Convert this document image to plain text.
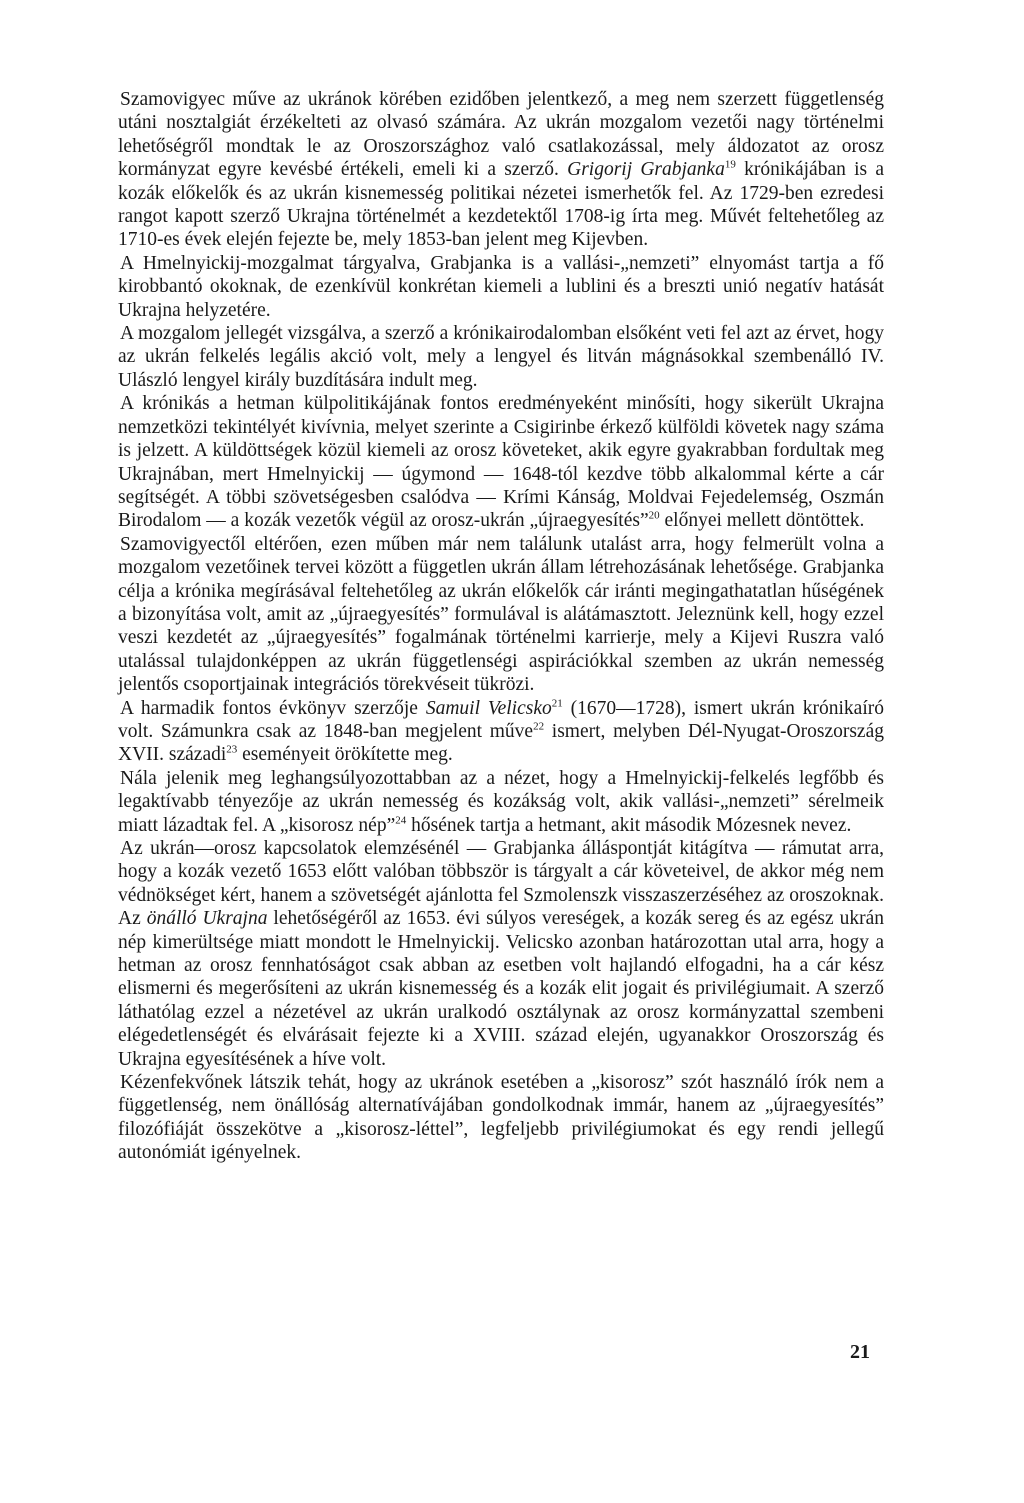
Szamovigyec műve az ukránok körében ezidőben jelentkező, a meg nem szerzett függetlenség utáni nosztalgiát érzékelteti az olvasó számára. Az ukrán mozgalom vezetői nagy történelmi lehetőségről mondtak le az Oroszországhoz való csatlakozással, mely áldozatot az orosz kormányzat egyre kevésbé értékeli, emeli ki a szerző. Grigorij Grabjanka$^{19}$ krónikájában is a kozák előkelők és az ukrán kisnemesség politikai nézetei ismerhetők fel. Az 1729-ben ezredesi rangot kapott szerző Ukrajna történelmét a kezdetektől 1708-ig írta meg. Művét feltehetőleg az 1710-es évek elején fejezte be, mely 1853-ban jelent meg Kijevben.

A Hmelnyickij-mozgalmat tárgyalva, Grabjanka is a vallási-„nemzeti” elnyomást tartja a fő kirobbantó okoknak, de ezenkívül konkrétan kiemeli a lublini és a breszti unió negatív hatását Ukrajna helyzetére.

A mozgalom jellegét vizsgálva, a szerző a krónikairodalomban elsőként veti fel azt az érvet, hogy az ukrán felkelés legális akció volt, mely a lengyel és litván mágnásokkal szembenálló IV. Ulászló lengyel király buzdítására indult meg.

A krónikás a hetman külpolitikájának fontos eredményeként minősíti, hogy sikerült Ukrajna nemzetközi tekintélyét kivívnia, melyet szerinte a Csigirinbe érkező külföldi követek nagy száma is jelzett. A küldöttségek közül kiemeli az orosz követeket, akik egyre gyakrabban fordultak meg Ukrajnában, mert Hmelnyickij — úgymond — 1648-tól kezdve több alkalommal kérte a cár segítségét. A többi szövetségesben csalódva — Krími Kánság, Moldvai Fejedelemség, Oszmán Birodalom — a kozák vezetők végül az orosz-ukrán „újraegyesítés”$^{20}$ előnyei mellett döntöttek.

Szamovigyectől eltérően, ezen műben már nem találunk utalást arra, hogy felmerült volna a mozgalom vezetőinek tervei között a független ukrán állam létrehozásának lehetősége. Grabjanka célja a krónika megírásával feltehetőleg az ukrán előkelők cár iránti megingathatatlan hűségének a bizonyítása volt, amit az „újraegyesítés” formulával is alátámasztott. Jeleznünk kell, hogy ezzel veszi kezdetét az „újraegyesítés” fogalmának történelmi karrierje, mely a Kijevi Ruszra való utalással tulajdonképpen az ukrán függetlenségi aspirációkkal szemben az ukrán nemesség jelentős csoportjainak integrációs törekvéseit tükrözi.

A harmadik fontos évkönyv szerzője Samuil Velicsko$^{21}$ (1670—1728), ismert ukrán krónikaíró volt. Számunkra csak az 1848-ban megjelent műve$^{22}$ ismert, melyben Dél-Nyugat-Oroszország XVII. századi$^{23}$ eseményeit örökítette meg.

Nála jelenik meg leghangsúlyozottabban az a nézet, hogy a Hmelnyickij-felkelés legfőbb és legaktívabb tényezője az ukrán nemesség és kozákság volt, akik vallási-„nemzeti” sérelmeik miatt lázadtak fel. A „kisorosz nép”$^{24}$ hősének tartja a hetmant, akit második Mózesnek nevez.

Az ukrán—orosz kapcsolatok elemzésénél — Grabjanka álláspontját kitágítva — rámutat arra, hogy a kozák vezető 1653 előtt valóban többször is tárgyalt a cár követeivel, de akkor még nem védnökséget kért, hanem a szövetségét ajánlotta fel Szmolenszk visszaszerzéséhez az oroszoknak. Az önálló Ukrajna lehetőségéről az 1653. évi súlyos vereségek, a kozák sereg és az egész ukrán nép kimerültsége miatt mondott le Hmelnyickij. Velicsko azonban határozottan utal arra, hogy a hetman az orosz fennhatóságot csak abban az esetben volt hajlandó elfogadni, ha a cár kész elismerni és megerősíteni az ukrán kisnemesség és a kozák elit jogait és privilégiumait. A szerző láthatólag ezzel a nézetével az ukrán uralkodó osztálynak az orosz kormányzattal szembeni elégedetlenségét és elvárásait fejezte ki a XVIII. század elején, ugyanakkor Oroszország és Ukrajna egyesítésének a híve volt.

Kézenfekvőnek látszik tehát, hogy az ukránok esetében a „kisorosz” szót használó írók nem a függetlenség, nem önállóság alternatívájában gondolkodnak immár, hanem az „újraegyesítés” filozófiáját összekötve a „kisorosz-léttel”, legfeljebb privilégiumokat és egy rendi jellegű autonómiát igényelnek.

21
